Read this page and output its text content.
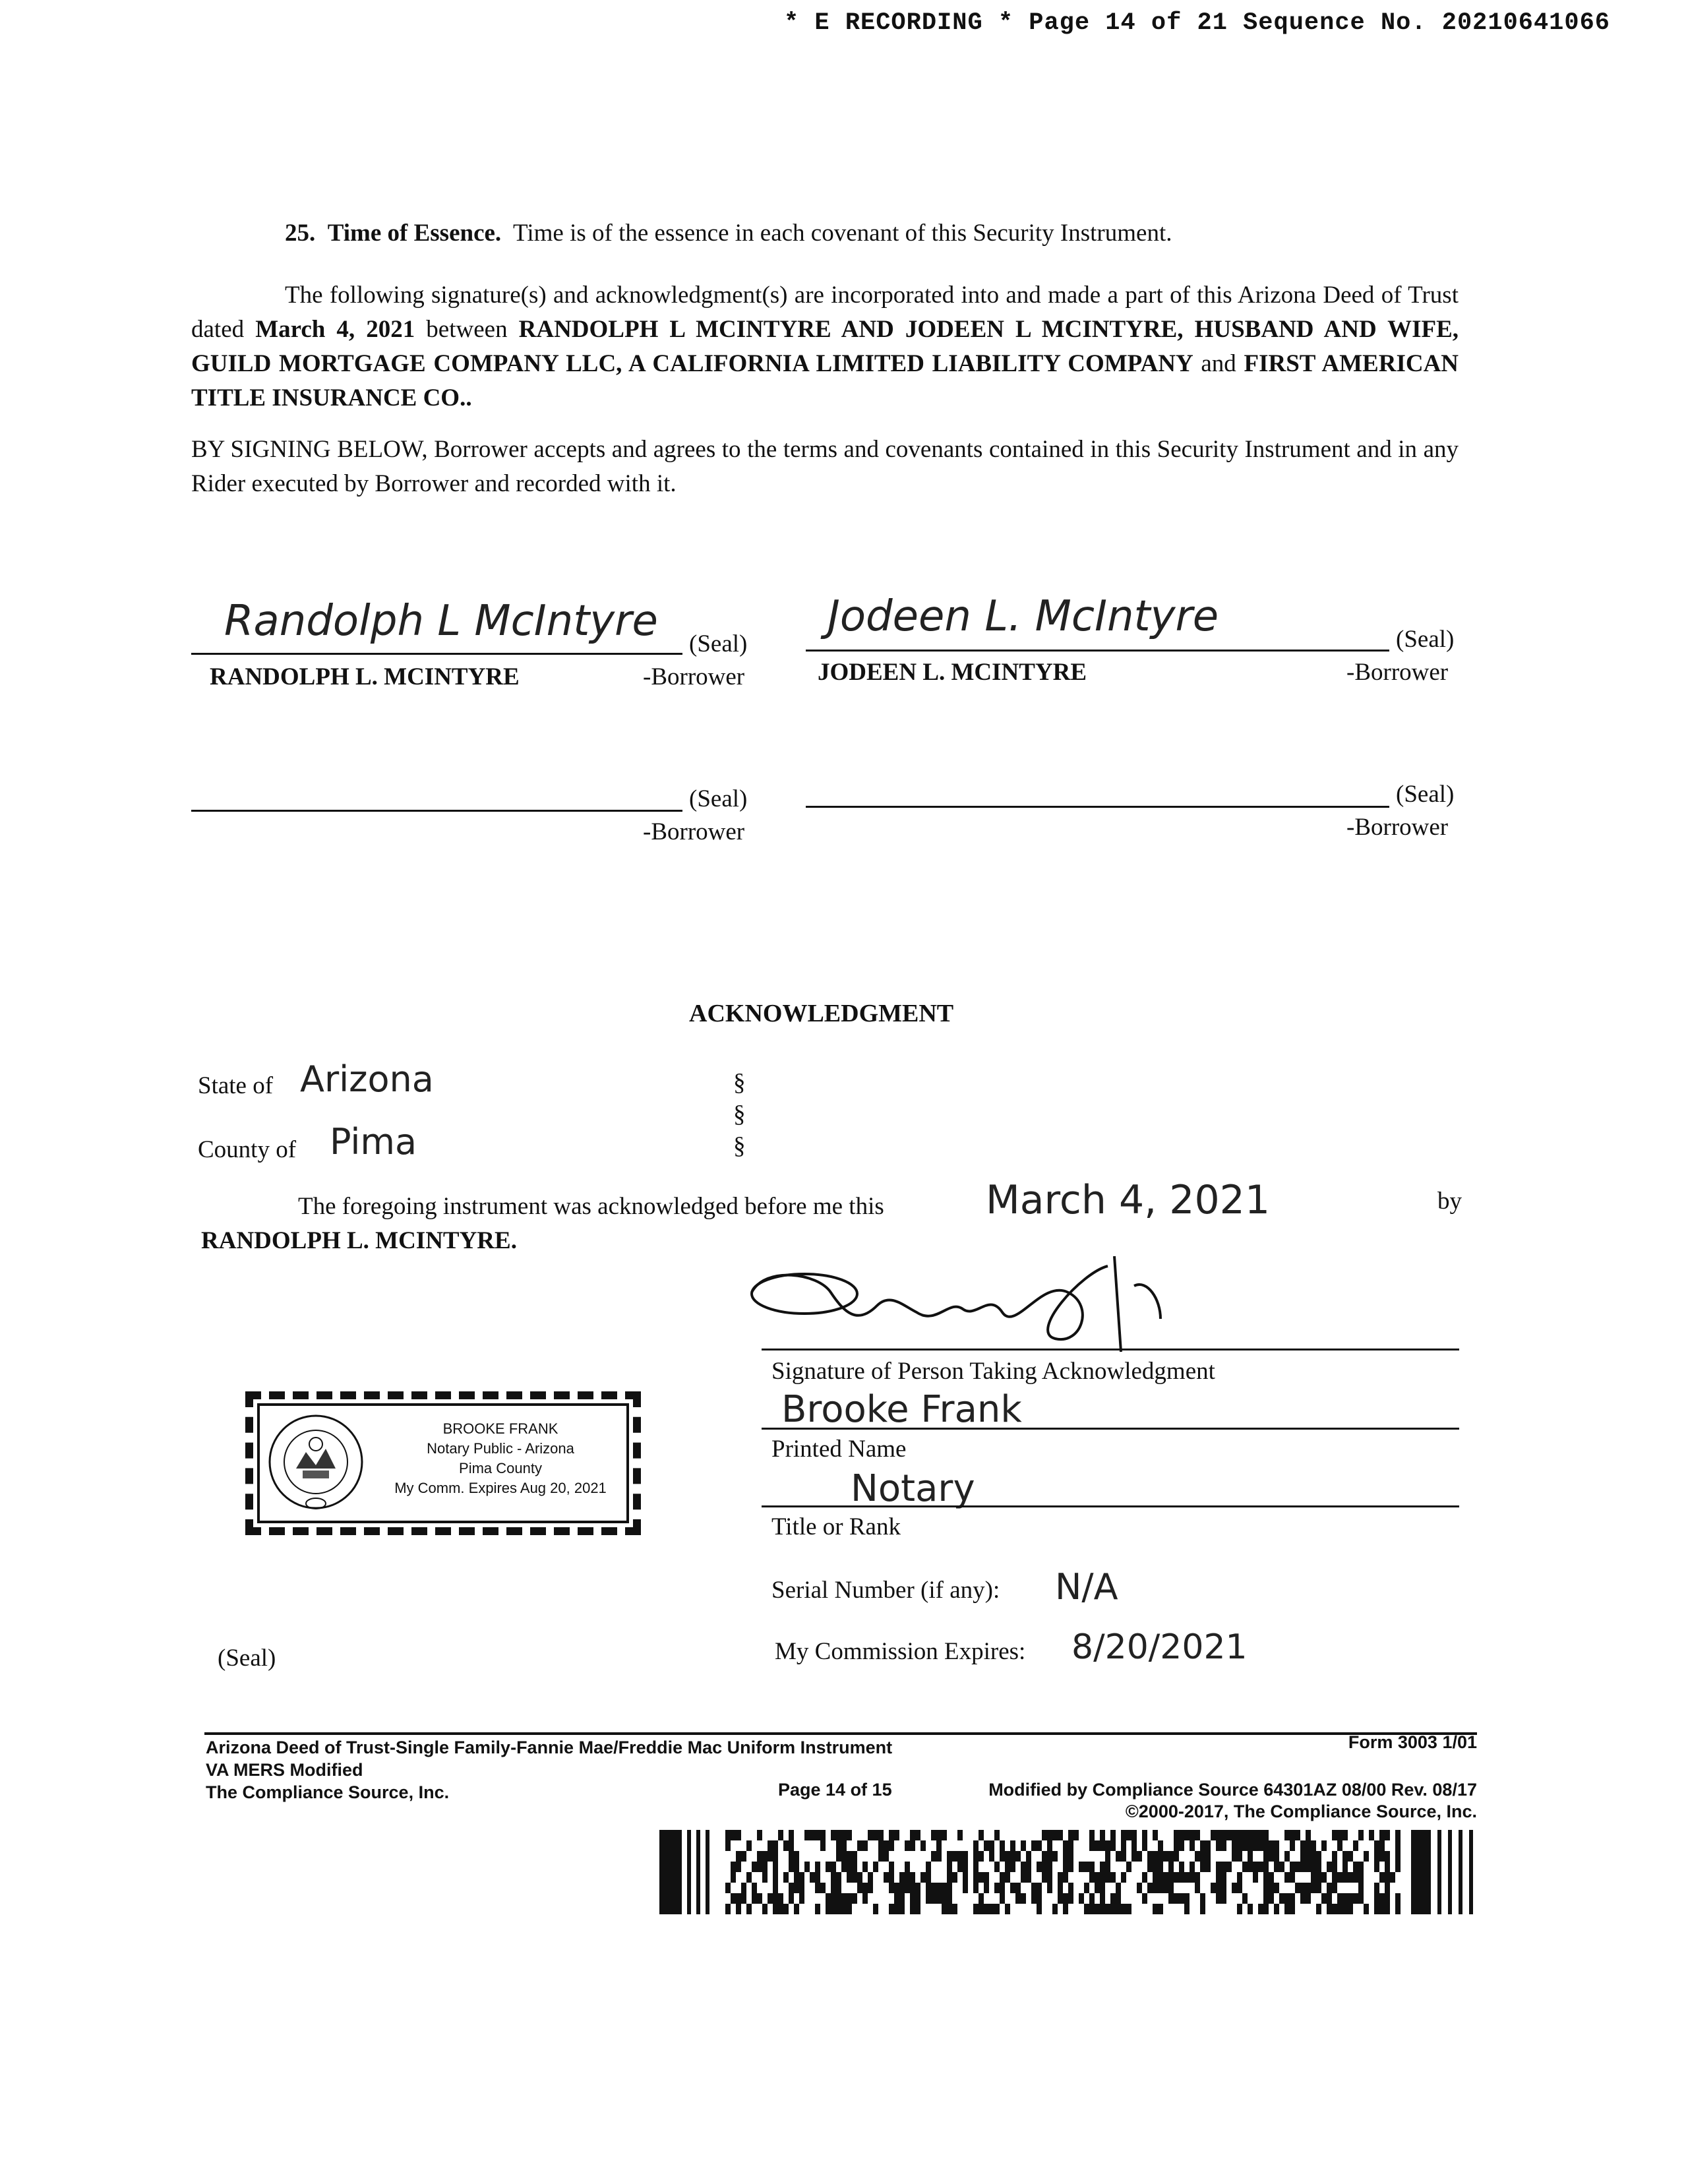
* E RECORDING * Page 14 of 21 Sequence No. 20210641066
25. Time of Essence. Time is of the essence in each covenant of this Security Instrument.
The following signature(s) and acknowledgment(s) are incorporated into and made a part of this Arizona Deed of Trust dated March 4, 2021 between RANDOLPH L MCINTYRE AND JODEEN L MCINTYRE, HUSBAND AND WIFE, GUILD MORTGAGE COMPANY LLC, A CALIFORNIA LIMITED LIABILITY COMPANY and FIRST AMERICAN TITLE INSURANCE CO..
BY SIGNING BELOW, Borrower accepts and agrees to the terms and covenants contained in this Security Instrument and in any Rider executed by Borrower and recorded with it.
Randolph L McIntyre (Seal)
RANDOLPH L. MCINTYRE	-Borrower
Jodeen L. McIntyre	(Seal)
JODEEN L. MCINTYRE	-Borrower
(Seal)
-Borrower
(Seal)
-Borrower
ACKNOWLEDGMENT
State of Arizona
County of Pima
§
§
§
The foregoing instrument was acknowledged before me this	March 4, 2021	by
RANDOLPH L. MCINTYRE.
Signature of Person Taking Acknowledgment
Brooke Frank
Printed Name
Notary
Title or Rank
Serial Number (if any): N/A
My Commission Expires: 8/20/2021
(Seal)
BROOKE FRANK
Notary Public - Arizona
Pima County
My Comm. Expires Aug 20, 2021
Arizona Deed of Trust-Single Family-Fannie Mae/Freddie Mac Uniform Instrument	Form 3003 1/01
VA MERS Modified
The Compliance Source, Inc.	Page 14 of 15	Modified by Compliance Source 64301AZ 08/00 Rev. 08/17
©2000-2017, The Compliance Source, Inc.
